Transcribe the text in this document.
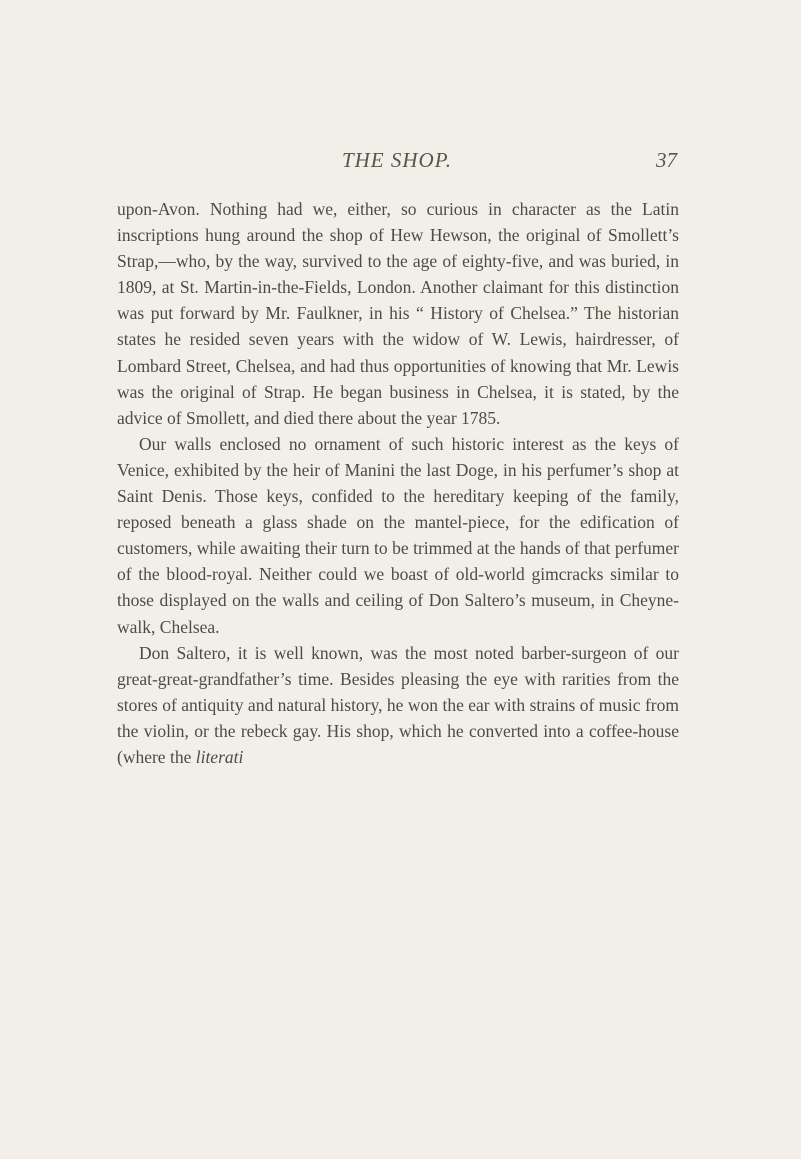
THE SHOP.	37

upon-Avon. Nothing had we, either, so curious in character as the Latin inscriptions hung around the shop of Hew Hewson, the original of Smollett’s Strap,—who, by the way, survived to the age of eighty-five, and was buried, in 1809, at St. Martin-in-the-Fields, London. Another claimant for this distinction was put forward by Mr. Faulkner, in his “ History of Chelsea.” The historian states he resided seven years with the widow of W. Lewis, hairdresser, of Lombard Street, Chelsea, and had thus opportunities of knowing that Mr. Lewis was the original of Strap. He began business in Chelsea, it is stated, by the advice of Smollett, and died there about the year 1785.

Our walls enclosed no ornament of such historic interest as the keys of Venice, exhibited by the heir of Manini the last Doge, in his perfumer’s shop at Saint Denis. Those keys, confided to the hereditary keeping of the family, reposed beneath a glass shade on the mantel-piece, for the edification of customers, while awaiting their turn to be trimmed at the hands of that perfumer of the blood-royal. Neither could we boast of old-world gimcracks similar to those displayed on the walls and ceiling of Don Saltero’s museum, in Cheyne-walk, Chelsea.

Don Saltero, it is well known, was the most noted barber-surgeon of our great-great-grandfather’s time. Besides pleasing the eye with rarities from the stores of antiquity and natural history, he won the ear with strains of music from the violin, or the rebeck gay. His shop, which he converted into a coffee-house (where the literati
